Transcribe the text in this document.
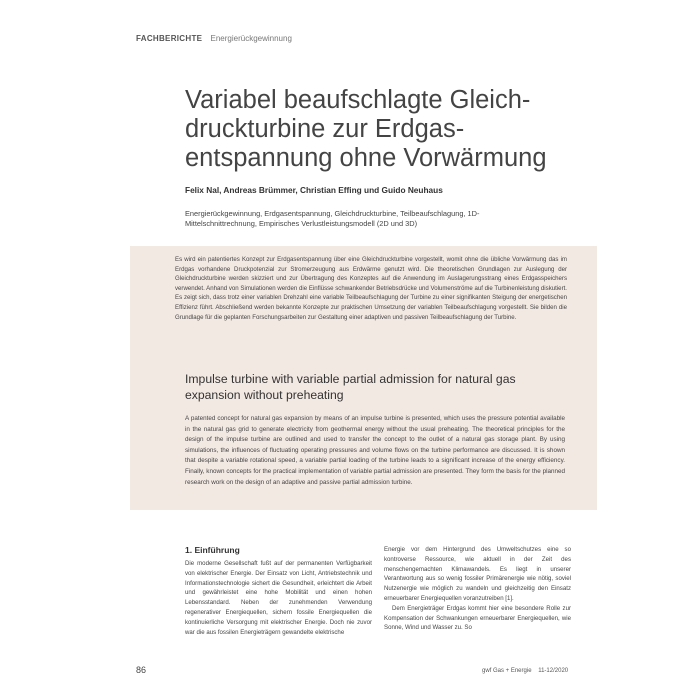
FACHBERICHTE Energierückgewinnung
Variabel beaufschlagte Gleich-
druckturbine zur Erdgas-
entspannung ohne Vorwärmung
Felix Nal, Andreas Brümmer, Christian Effing und Guido Neuhaus
Energierückgewinnung, Erdgasentspannung, Gleichdruckturbine, Teilbeaufschlagung, 1D-Mittelschnittrechnung, Empirisches Verlustleistungsmodell (2D und 3D)
Es wird ein patentiertes Konzept zur Erdgasentspannung über eine Gleichdruckturbine vorgestellt, womit ohne die übliche Vorwärmung das im Erdgas vorhandene Druckpotenzial zur Stromerzeugung aus Erdwärme genutzt wird. Die theoretischen Grundlagen zur Auslegung der Gleichdruckturbine werden skizziert und zur Übertragung des Konzeptes auf die Anwendung im Auslagerungsstrang eines Erdgasspeichers verwendet. Anhand von Simulationen werden die Einflüsse schwankender Betriebsdrücke und Volumenströme auf die Turbinenleistung diskutiert. Es zeigt sich, dass trotz einer variablen Drehzahl eine variable Teilbeaufschlagung der Turbine zu einer signifikanten Steigung der energetischen Effizienz führt. Abschließend werden bekannte Konzepte zur praktischen Umsetzung der variablen Teilbeaufschlagung vorgestellt. Sie bilden die Grundlage für die geplanten Forschungsarbeiten zur Gestaltung einer adaptiven und passiven Teilbeaufschlagung der Turbine.
Impulse turbine with variable partial admission for natural gas expansion without preheating
A patented concept for natural gas expansion by means of an impulse turbine is presented, which uses the pressure potential available in the natural gas grid to generate electricity from geothermal energy without the usual preheating. The theoretical principles for the design of the impulse turbine are outlined and used to transfer the concept to the outlet of a natural gas storage plant. By using simulations, the influences of fluctuating operating pressures and volume flows on the turbine performance are discussed. It is shown that despite a variable rotational speed, a variable partial loading of the turbine leads to a significant increase of the energy efficiency. Finally, known concepts for the practical implementation of variable partial admission are presented. They form the basis for the planned research work on the design of an adaptive and passive partial admission turbine.
1. Einführung

Die moderne Gesellschaft fußt auf der permanenten Verfügbarkeit von elektrischer Energie. Der Einsatz von Licht, Antriebstechnik und Informationstechnologie sichert die Gesundheit, erleichtert die Arbeit und gewährleistet eine hohe Mobilität und einen hohen Lebensstandard. Neben der zunehmenden Verwendung regenerativer Energiequellen, sichern fossile Energiequellen die kontinuierliche Versorgung mit elektrischer Energie. Doch nie zuvor war die aus fossilen Energieträgern gewandelte elektrische

Energie vor dem Hintergrund des Umweltschutzes eine so kontroverse Ressource, wie aktuell in der Zeit des menschengemachten Klimawandels. Es liegt in unserer Verantwortung aus so wenig fossiler Primärenergie wie nötig, soviel Nutzenergie wie möglich zu wandeln und gleichzeitig den Einsatz erneuerbarer Energiequellen voranzutreiben [1].

Dem Energieträger Erdgas kommt hier eine besondere Rolle zur Kompensation der Schwankungen erneuerbarer Energiequellen, wie Sonne, Wind und Wasser zu. So

86	gwf Gas + Energie 11-12/2020
